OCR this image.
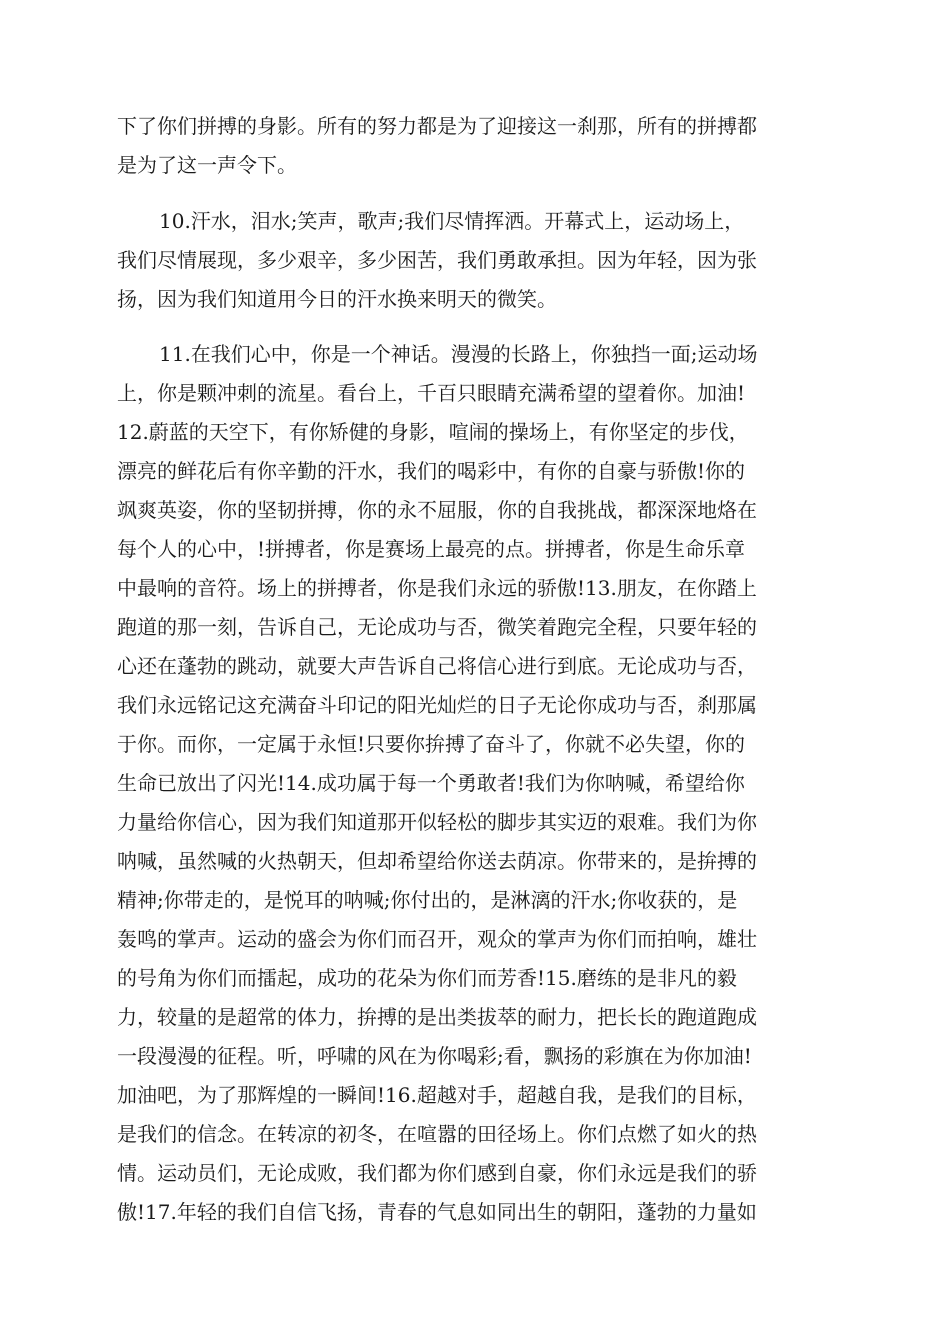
下了你们拼搏的身影。所有的努力都是为了迎接这一刹那，所有的拼搏都
是为了这一声令下。
10.汗水，泪水;笑声，歌声;我们尽情挥洒。开幕式上，运动场上，
我们尽情展现，多少艰辛，多少困苦，我们勇敢承担。因为年轻，因为张
扬，因为我们知道用今日的汗水换来明天的微笑。
11.在我们心中，你是一个神话。漫漫的长路上，你独挡一面;运动场
上，你是颗冲刺的流星。看台上，千百只眼睛充满希望的望着你。加油!
12.蔚蓝的天空下，有你矫健的身影，喧闹的操场上，有你坚定的步伐，
漂亮的鲜花后有你辛勤的汗水，我们的喝彩中，有你的自豪与骄傲!你的
飒爽英姿，你的坚韧拼搏，你的永不屈服，你的自我挑战，都深深地烙在
每个人的心中，!拼搏者，你是赛场上最亮的点。拼搏者，你是生命乐章
中最响的音符。场上的拼搏者，你是我们永远的骄傲!13.朋友，在你踏上
跑道的那一刻，告诉自己，无论成功与否，微笑着跑完全程，只要年轻的
心还在蓬勃的跳动，就要大声告诉自己将信心进行到底。无论成功与否，
我们永远铭记这充满奋斗印记的阳光灿烂的日子无论你成功与否，刹那属
于你。而你，一定属于永恒!只要你拚搏了奋斗了，你就不必失望，你的
生命已放出了闪光!14.成功属于每一个勇敢者!我们为你呐喊，希望给你
力量给你信心，因为我们知道那开似轻松的脚步其实迈的艰难。我们为你
呐喊，虽然喊的火热朝天，但却希望给你送去荫凉。你带来的，是拚搏的
精神;你带走的，是悦耳的呐喊;你付出的，是淋漓的汗水;你收获的，是
轰鸣的掌声。运动的盛会为你们而召开，观众的掌声为你们而拍响，雄壮
的号角为你们而擂起，成功的花朵为你们而芳香!15.磨练的是非凡的毅
力，较量的是超常的体力，拚搏的是出类拔萃的耐力，把长长的跑道跑成
一段漫漫的征程。听，呼啸的风在为你喝彩;看，飘扬的彩旗在为你加油!
加油吧，为了那辉煌的一瞬间!16.超越对手，超越自我，是我们的目标，
是我们的信念。在转凉的初冬，在喧嚣的田径场上。你们点燃了如火的热
情。运动员们，无论成败，我们都为你们感到自豪，你们永远是我们的骄
傲!17.年轻的我们自信飞扬，青春的气息如同出生的朝阳，蓬勃的力量如
